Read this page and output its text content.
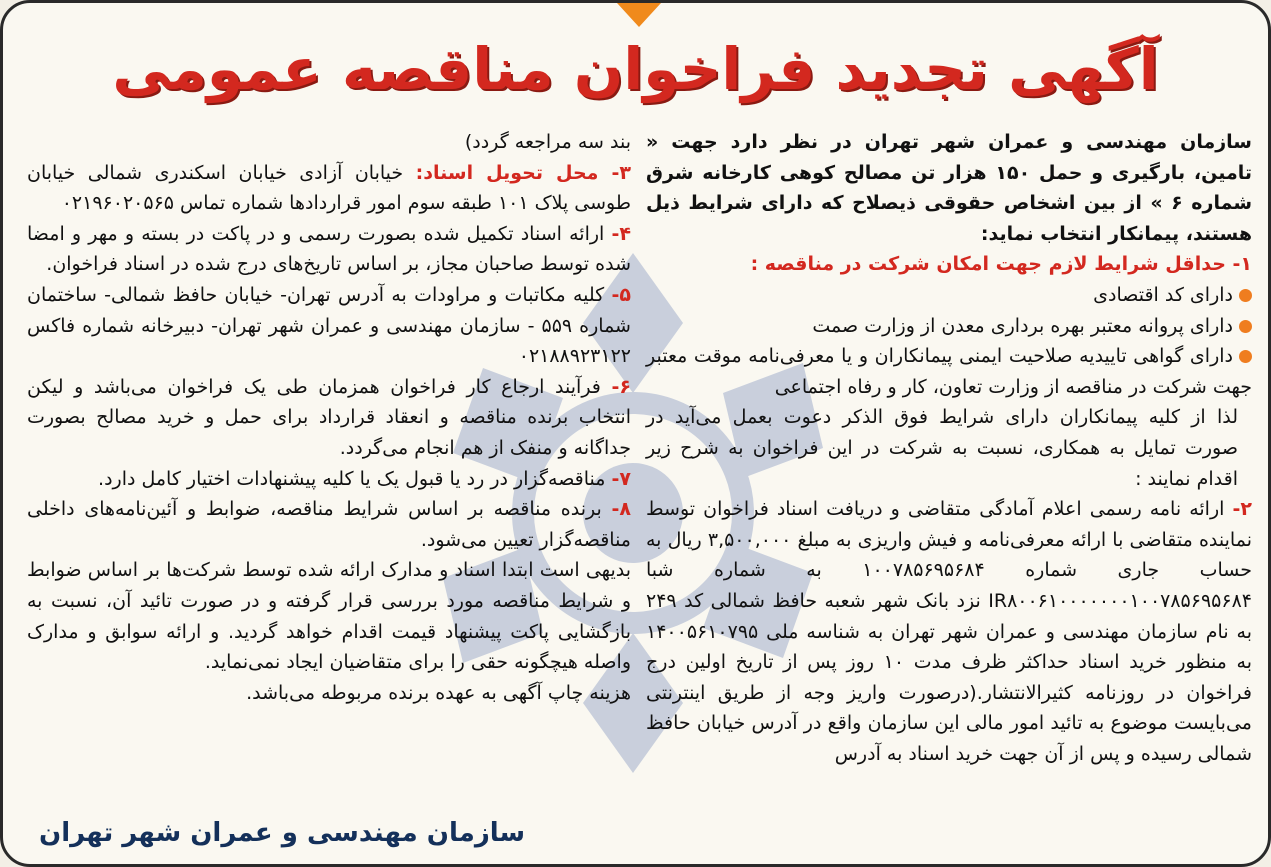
آگهی تجدید فراخوان مناقصه عمومی

سازمان مهندسی و عمران شهر تهران در نظر دارد جهت « تامین، بارگیری و حمل ۱۵۰ هزار تن مصالح کوهی کارخانه شرق شماره ۶ » از بین اشخاص حقوقی ذیصلاح که دارای شرایط ذیل هستند، پیمانکار انتخاب نماید:

۱- حداقل شرایط لازم جهت امکان شرکت در مناقصه :

دارای کد اقتصادی

دارای پروانه معتبر بهره برداری معدن از وزارت صمت

دارای گواهی تاییدیه صلاحیت ایمنی پیمانکاران و یا معرفی‌نامه موقت معتبر جهت شرکت در مناقصه از وزارت تعاون، کار و رفاه اجتماعی

لذا از کلیه پیمانکاران دارای شرایط فوق الذکر دعوت بعمل می‌آید در صورت تمایل به همکاری، نسبت به شرکت در این فراخوان به شرح زیر اقدام نمایند :

۲- ارائه نامه رسمی اعلام آمادگی متقاضی و دریافت اسناد فراخوان توسط نماینده متقاضی با ارائه معرفی‌نامه و فیش واریزی به مبلغ ۳,۵۰۰,۰۰۰ ریال به حساب جاری شماره ۱۰۰۷۸۵۶۹۵۶۸۴ به شماره شبا IR۸۰۰۶۱۰۰۰۰۰۰۰۱۰۰۷۸۵۶۹۵۶۸۴ نزد بانک شهر شعبه حافظ شمالی کد ۲۴۹ به نام سازمان مهندسی و عمران شهر تهران به شناسه ملی ۱۴۰۰۵۶۱۰۷۹۵ به منظور خرید اسناد حداکثر ظرف مدت ۱۰ روز پس از تاریخ اولین درج فراخوان در روزنامه کثیرالانتشار.(درصورت واریز وجه از طریق اینترنتی می‌بایست موضوع به تائید امور مالی این سازمان واقع در آدرس خیابان حافظ شمالی رسیده و پس از آن جهت خرید اسناد به آدرس

بند سه مراجعه گردد)

۳- محل تحویل اسناد: خیابان آزادی خیابان اسکندری شمالی خیابان طوسی پلاک ۱۰۱ طبقه سوم امور قراردادها شماره تماس ۰۲۱۹۶۰۲۰۵۶۵

۴- ارائه اسناد تکمیل شده بصورت رسمی و در پاکت در بسته و مهر و امضا شده توسط صاحبان مجاز، بر اساس تاریخ‌های درج شده در اسناد فراخوان.

۵- کلیه مکاتبات و مراودات به آدرس تهران- خیابان حافظ شمالی- ساختمان شماره ۵۵۹ - سازمان مهندسی و عمران شهر تهران- دبیرخانه شماره فاکس ۰۲۱۸۸۹۲۳۱۲۲

۶- فرآیند ارجاع کار فراخوان همزمان طی یک فراخوان می‌باشد و لیکن انتخاب برنده مناقصه و انعقاد قرارداد برای حمل و خرید مصالح بصورت جداگانه و منفک از هم انجام می‌گردد.

۷- مناقصه‌گزار در رد یا قبول یک یا کلیه پیشنهادات اختیار کامل دارد.

۸- برنده مناقصه بر اساس شرایط مناقصه، ضوابط و آئین‌نامه‌های داخلی مناقصه‌گزار تعیین می‌شود.

بدیهی است ابتدا اسناد و مدارک ارائه شده توسط شرکت‌ها بر اساس ضوابط و شرایط مناقصه مورد بررسی قرار گرفته و در صورت تائید آن، نسبت به بازگشایی پاکت پیشنهاد قیمت اقدام خواهد گردید. و ارائه سوابق و مدارک واصله هیچگونه حقی را برای متقاضیان ایجاد نمی‌نماید.

هزینه چاپ آگهی به عهده برنده مربوطه می‌باشد.

سازمان مهندسی و عمران شهر تهران
